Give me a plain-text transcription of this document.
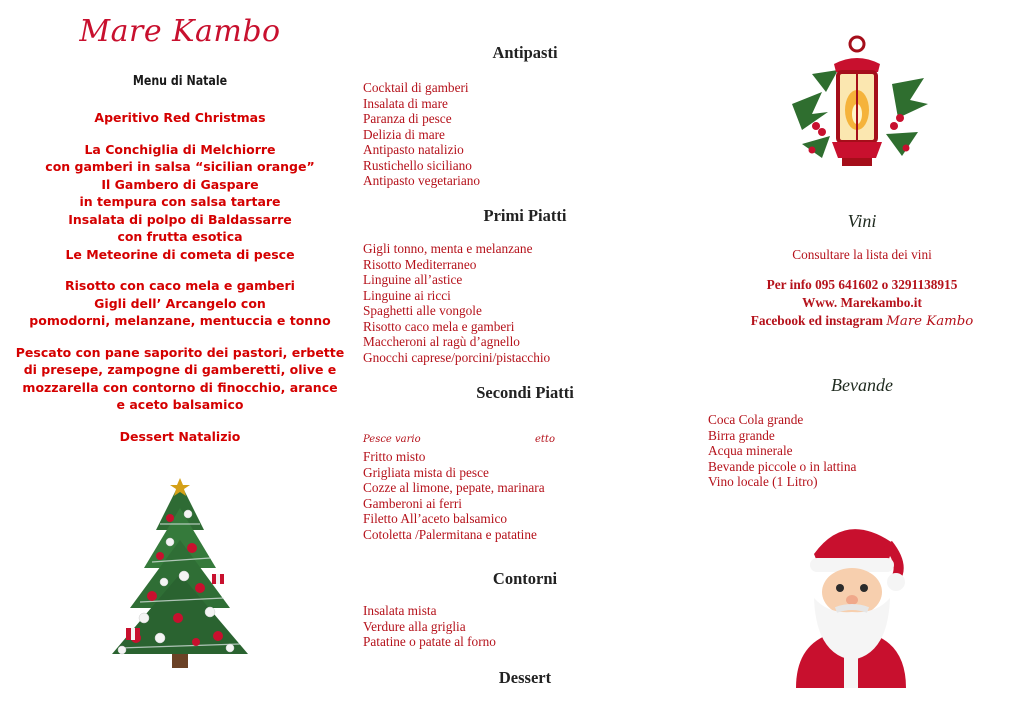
Mare Kambo
Menu di Natale
Aperitivo Red Christmas
La Conchiglia di Melchiorre
con gamberi in salsa “sicilian orange”
Il Gambero di Gaspare
in tempura con salsa tartare
Insalata di polpo di Baldassarre
con frutta esotica
Le Meteorine di cometa di pesce
Risotto con caco mela e gamberi
Gigli dell’ Arcangelo con
pomodorni, melanzane, mentuccia e tonno
Pescato con pane saporito dei pastori, erbette
di presepe, zampogne di gamberetti, olive e
mozzarella con contorno di finocchio, arance
e aceto balsamico
Dessert Natalizio
Antipasti
Cocktail di gamberi
Insalata di mare
Paranza di pesce
Delizia di mare
Antipasto natalizio
Rustichello siciliano
Antipasto vegetariano
Primi Piatti
Gigli tonno, menta e melanzane
Risotto Mediterraneo
Linguine all’astice
Linguine ai ricci
Spaghetti alle vongole
Risotto caco mela e gamberi
Maccheroni al ragù d’agnello
Gnocchi caprese/porcini/pistacchio
Secondi Piatti
Pesce vario	etto
Fritto misto
Grigliata mista di pesce
Cozze al limone, pepate, marinara
Gamberoni ai ferri
Filetto All’aceto balsamico
Cotoletta /Palermitana e patatine
Contorni
Insalata mista
Verdure alla griglia
Patatine o patate al forno
Dessert
Vini
Consultare la lista dei vini
Per info 095 641602 o 3291138915
Www. Marekambo.it
Facebook ed instagram Mare Kambo
Bevande
Coca Cola grande
Birra grande
Acqua minerale
Bevande piccole o in lattina
Vino locale (1 Litro)
